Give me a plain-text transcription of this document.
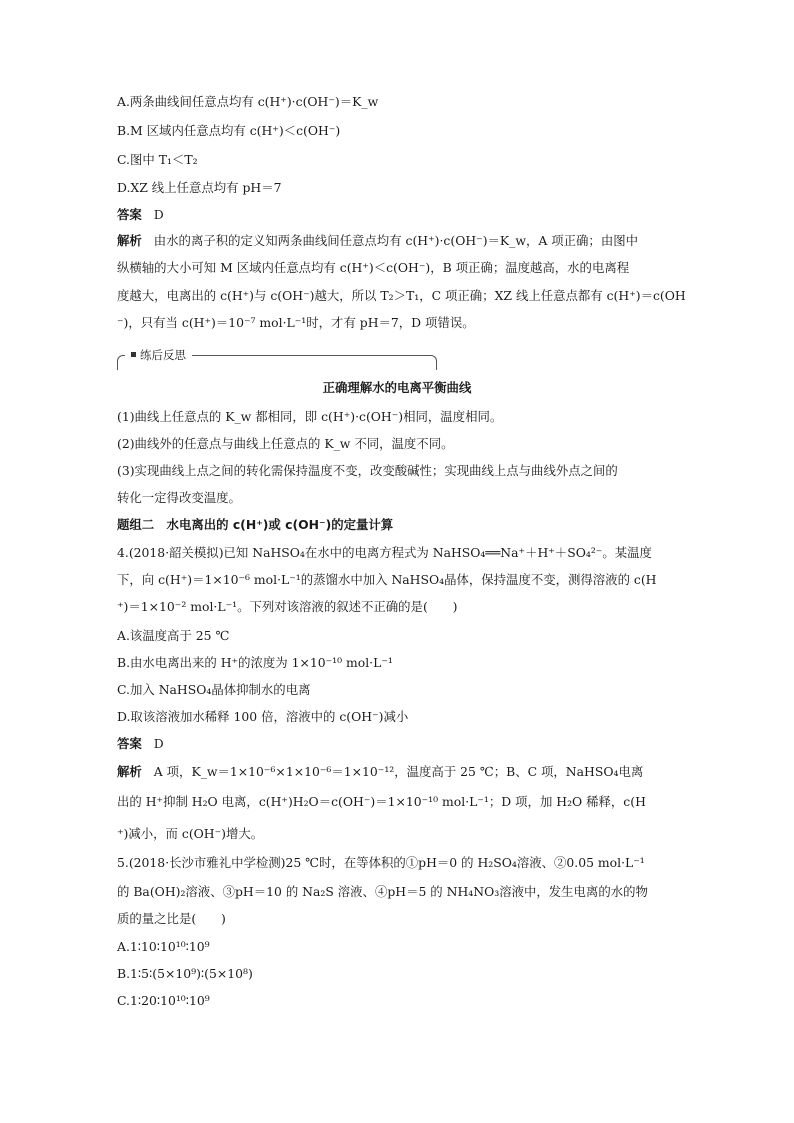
A.两条曲线间任意点均有 c(H⁺)·c(OH⁻)＝K_w
B.M 区域内任意点均有 c(H⁺)＜c(OH⁻)
C.图中 T₁＜T₂
D.XZ 线上任意点均有 pH＝7
答案 D
解析 由水的离子积的定义知两条曲线间任意点均有 c(H⁺)·c(OH⁻)＝K_w，A 项正确；由图中
纵横轴的大小可知 M 区域内任意点均有 c(H⁺)＜c(OH⁻)，B 项正确；温度越高，水的电离程
度越大，电离出的 c(H⁺)与 c(OH⁻)越大，所以 T₂＞T₁，C 项正确；XZ 线上任意点都有 c(H⁺)＝c(OH
⁻)，只有当 c(H⁺)＝10⁻⁷ mol·L⁻¹时，才有 pH＝7，D 项错误。
练后反思
正确理解水的电离平衡曲线
(1)曲线上任意点的 K_w 都相同，即 c(H⁺)·c(OH⁻)相同，温度相同。
(2)曲线外的任意点与曲线上任意点的 K_w 不同，温度不同。
(3)实现曲线上点之间的转化需保持温度不变，改变酸碱性；实现曲线上点与曲线外点之间的
转化一定得改变温度。
题组二　水电离出的 c(H⁺)或 c(OH⁻)的定量计算
4.(2018·韶关模拟)已知 NaHSO₄在水中的电离方程式为 NaHSO₄══Na⁺＋H⁺＋SO₄²⁻。某温度
下，向 c(H⁺)＝1×10⁻⁶ mol·L⁻¹的蒸馏水中加入 NaHSO₄晶体，保持温度不变，测得溶液的 c(H
⁺)＝1×10⁻² mol·L⁻¹。下列对该溶液的叙述不正确的是(　　)
A.该温度高于 25 ℃
B.由水电离出来的 H⁺的浓度为 1×10⁻¹⁰ mol·L⁻¹
C.加入 NaHSO₄晶体抑制水的电离
D.取该溶液加水稀释 100 倍，溶液中的 c(OH⁻)减小
答案 D
解析 A 项，K_w＝1×10⁻⁶×1×10⁻⁶＝1×10⁻¹²，温度高于 25 ℃；B、C 项，NaHSO₄电离
出的 H⁺抑制 H₂O 电离，c(H⁺)H₂O＝c(OH⁻)＝1×10⁻¹⁰ mol·L⁻¹；D 项，加 H₂O 稀释，c(H
⁺)减小，而 c(OH⁻)增大。
5.(2018·长沙市雅礼中学检测)25 ℃时，在等体积的①pH＝0 的 H₂SO₄溶液、②0.05 mol·L⁻¹
的 Ba(OH)₂溶液、③pH＝10 的 Na₂S 溶液、④pH＝5 的 NH₄NO₃溶液中，发生电离的水的物
质的量之比是(　　)
A.1∶10∶10¹⁰∶10⁹
B.1∶5∶(5×10⁹)∶(5×10⁸)
C.1∶20∶10¹⁰∶10⁹
